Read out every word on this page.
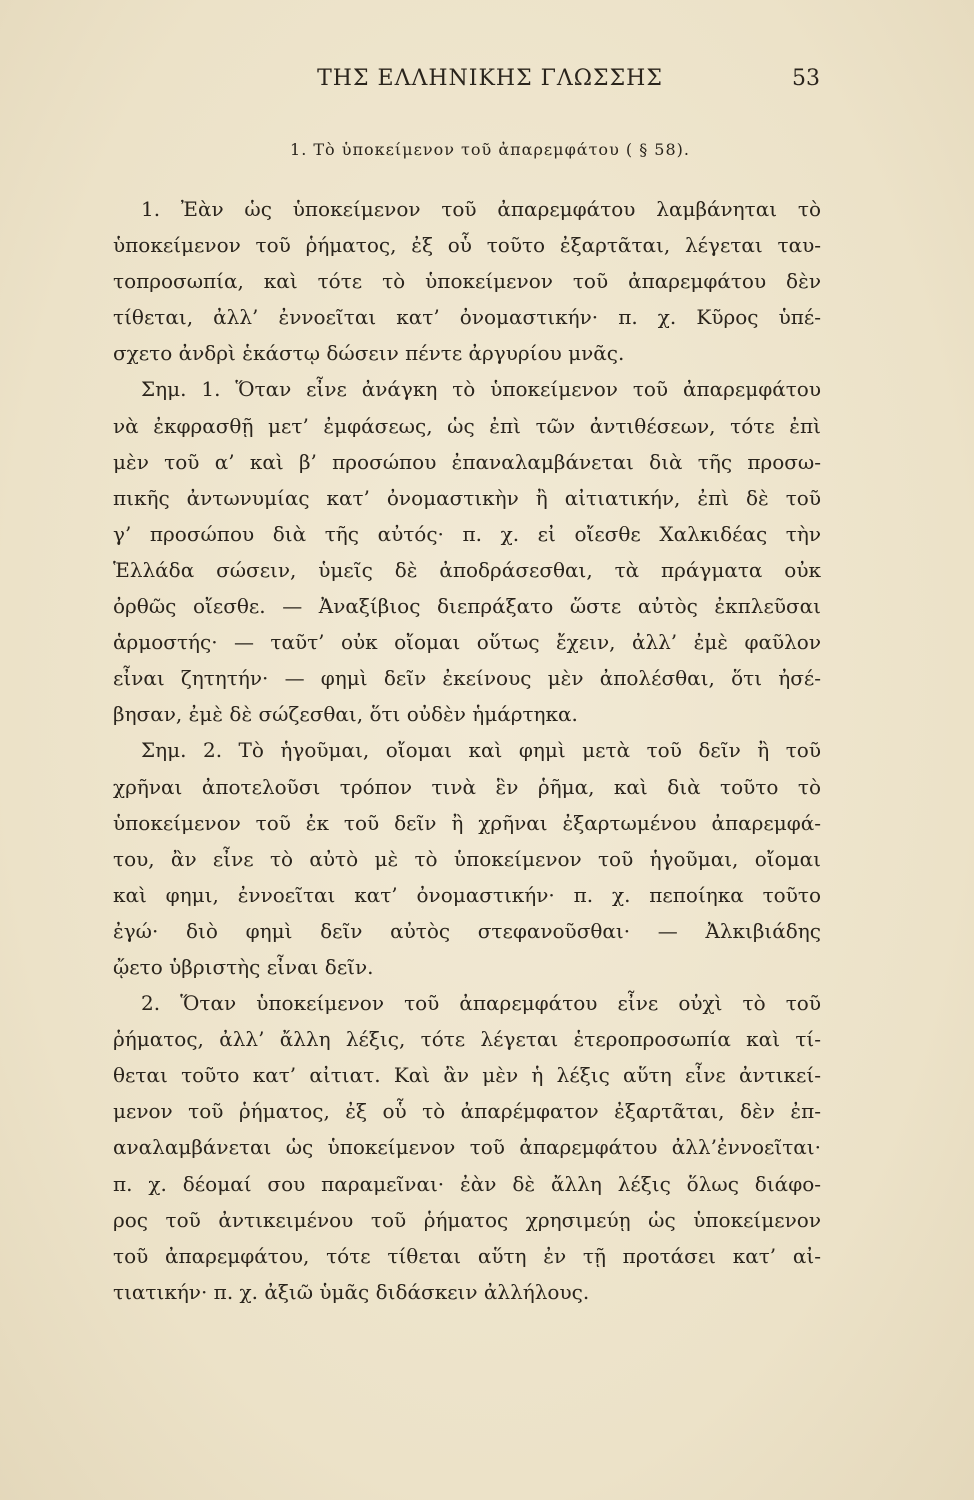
ΤΗΣ ΕΛΛΗΝΙΚΗΣ ΓΛΩΣΣΗΣ	53
1. Τὸ ὑποκείμενον τοῦ ἀπαρεμφάτου ( § 58).
1. Ἐὰν ὡς ὑποκείμενον τοῦ ἀπαρεμφάτου λαμβάνηται τὸ
ὑποκείμενον τοῦ ῥήματος, ἐξ οὗ τοῦτο ἐξαρτᾶται, λέγεται ταυ-
τοπροσωπία, καὶ τότε τὸ ὑποκείμενον τοῦ ἀπαρεμφάτου δὲν
τίθεται, ἀλλ’ ἐννοεῖται κατ’ ὀνομαστικήν· π. χ. Κῦρος ὑπέ-
σχετο ἀνδρὶ ἑκάστῳ δώσειν πέντε ἀργυρίου μνᾶς.
Σημ. 1. Ὅταν εἶνε ἀνάγκη τὸ ὑποκείμενον τοῦ ἀπαρεμφάτου
νὰ ἐκφρασθῇ μετ’ ἐμφάσεως, ὡς ἐπὶ τῶν ἀντιθέσεων, τότε ἐπὶ
μὲν τοῦ α’ καὶ β’ προσώπου ἐπαναλαμβάνεται διὰ τῆς προσω-
πικῆς ἀντωνυμίας κατ’ ὀνομαστικὴν ἢ αἰτιατικήν, ἐπὶ δὲ τοῦ
γ’ προσώπου διὰ τῆς αὐτός· π. χ. εἰ οἴεσθε Χαλκιδέας τὴν
Ἑλλάδα σώσειν, ὑμεῖς δὲ ἀποδράσεσθαι, τὰ πράγματα οὐκ
ὀρθῶς οἴεσθε. — Ἀναξίβιος διεπράξατο ὥστε αὐτὸς ἐκπλεῦσαι
ἁρμοστής· — ταῦτ’ οὐκ οἴομαι οὕτως ἔχειν, ἀλλ’ ἐμὲ φαῦλον
εἶναι ζητητήν· — φημὶ δεῖν ἐκείνους μὲν ἀπολέσθαι, ὅτι ἠσέ-
βησαν, ἐμὲ δὲ σώζεσθαι, ὅτι οὐδὲν ἡμάρτηκα.
Σημ. 2. Τὸ ἡγοῦμαι, οἴομαι καὶ φημὶ μετὰ τοῦ δεῖν ἢ τοῦ
χρῆναι ἀποτελοῦσι τρόπον τινὰ ἓν ῥῆμα, καὶ διὰ τοῦτο τὸ
ὑποκείμενον τοῦ ἐκ τοῦ δεῖν ἢ χρῆναι ἐξαρτωμένου ἀπαρεμφά-
του, ἂν εἶνε τὸ αὐτὸ μὲ τὸ ὑποκείμενον τοῦ ἡγοῦμαι, οἴομαι
καὶ φημι, ἐννοεῖται κατ’ ὀνομαστικήν· π. χ. πεποίηκα τοῦτο
ἐγώ· διὸ φημὶ δεῖν αὐτὸς στεφανοῦσθαι· — Ἀλκιβιάδης
ᾤετο ὑβριστὴς εἶναι δεῖν.
2. Ὅταν ὑποκείμενον τοῦ ἀπαρεμφάτου εἶνε οὐχὶ τὸ τοῦ
ῥήματος, ἀλλ’ ἄλλη λέξις, τότε λέγεται ἑτεροπροσωπία καὶ τί-
θεται τοῦτο κατ’ αἰτιατ. Καὶ ἂν μὲν ἡ λέξις αὕτη εἶνε ἀντικεί-
μενον τοῦ ῥήματος, ἐξ οὗ τὸ ἀπαρέμφατον ἐξαρτᾶται, δὲν ἐπ-
αναλαμβάνεται ὡς ὑποκείμενον τοῦ ἀπαρεμφάτου ἀλλ’ἐννοεῖται·
π. χ. δέομαί σου παραμεῖναι· ἐὰν δὲ ἄλλη λέξις ὅλως διάφο-
ρος τοῦ ἀντικειμένου τοῦ ῥήματος χρησιμεύῃ ὡς ὑποκείμενον
τοῦ ἀπαρεμφάτου, τότε τίθεται αὕτη ἐν τῇ προτάσει κατ’ αἰ-
τιατικήν· π. χ. ἀξιῶ ὑμᾶς διδάσκειν ἀλλήλους.
